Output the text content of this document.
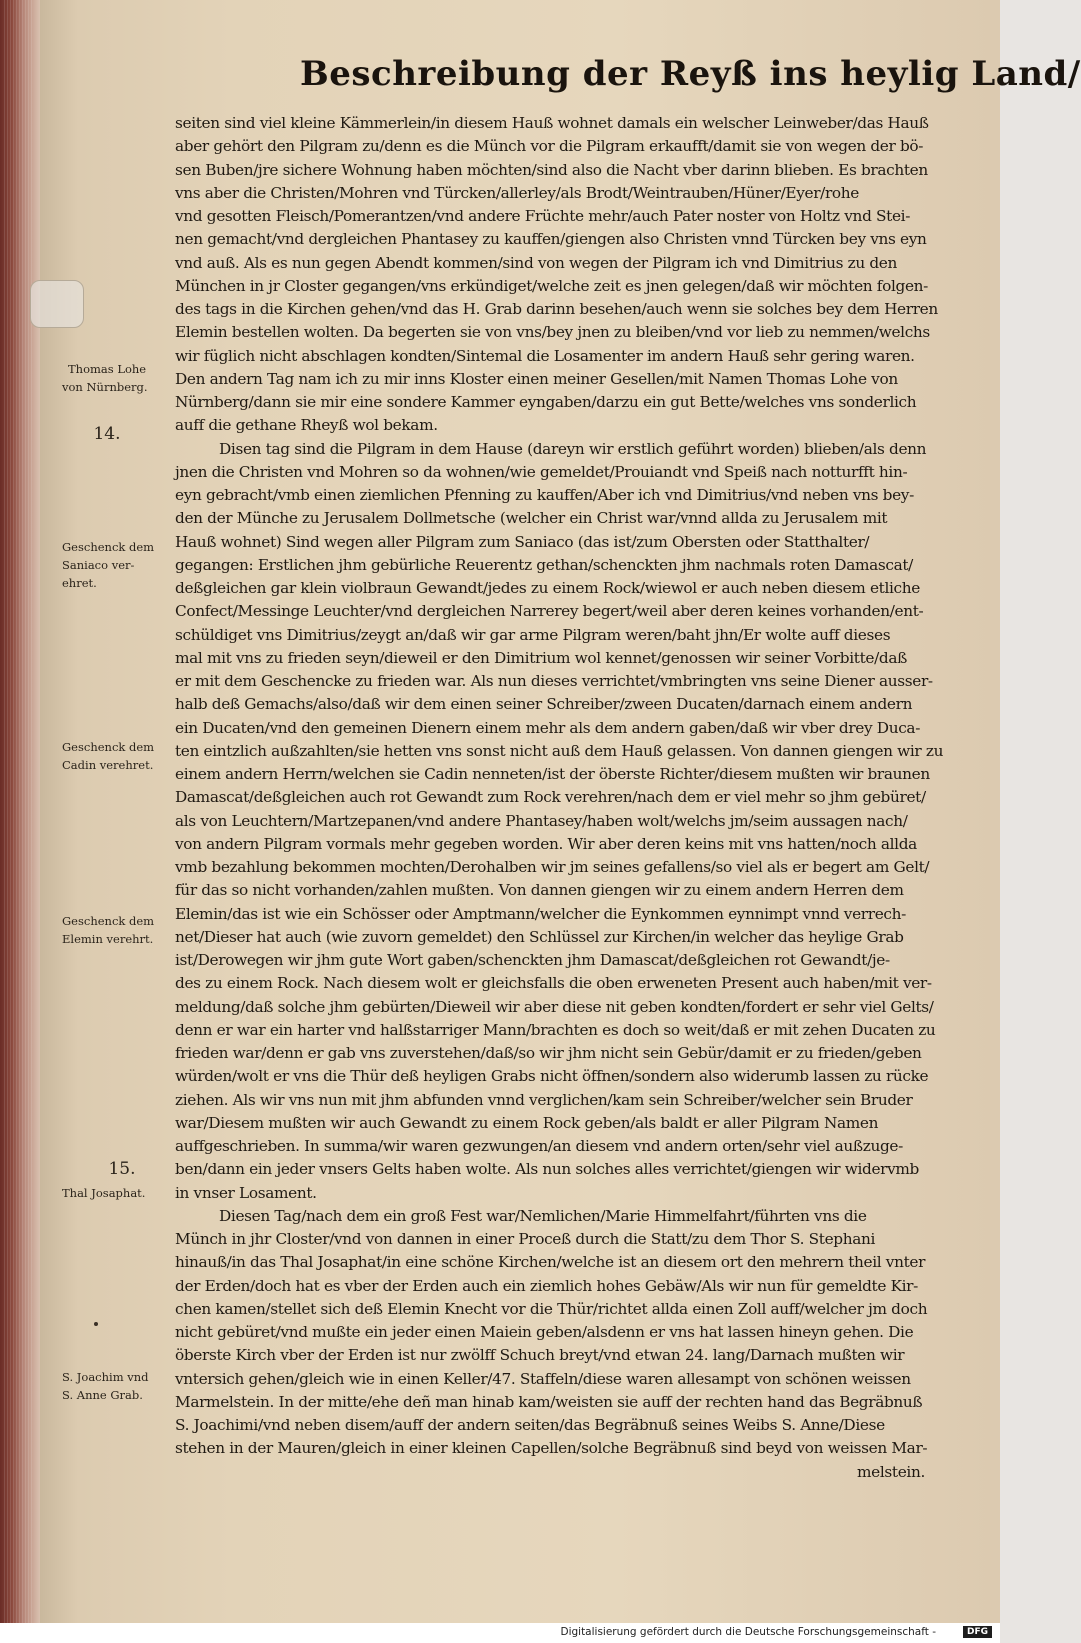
Beschreibung der Reyß ins heylig Land/
seiten sind viel kleine Kämmerlein/in diesem Hauß wohnet damals ein welscher Leinweber/das Hauß
aber gehört den Pilgram zu/denn es die Münch vor die Pilgram erkaufft/damit sie von wegen der bö-
sen Buben/jre sichere Wohnung haben möchten/sind also die Nacht vber darinn blieben. Es brachten
vns aber die Christen/Mohren vnd Türcken/allerley/als Brodt/Weintrauben/Hüner/Eyer/rohe
vnd gesotten Fleisch/Pomerantzen/vnd andere Früchte mehr/auch Pater noster von Holtz vnd Stei-
nen gemacht/vnd dergleichen Phantasey zu kauffen/giengen also Christen vnnd Türcken bey vns eyn
vnd auß. Als es nun gegen Abendt kommen/sind von wegen der Pilgram ich vnd Dimitrius zu den
München in jr Closter gegangen/vns erkündiget/welche zeit es jnen gelegen/daß wir möchten folgen-
des tags in die Kirchen gehen/vnd das H. Grab darinn besehen/auch wenn sie solches bey dem Herren
Elemin bestellen wolten. Da begerten sie von vns/bey jnen zu bleiben/vnd vor lieb zu nemmen/welchs
wir füglich nicht abschlagen kondten/Sintemal die Losamenter im andern Hauß sehr gering waren.
Den andern Tag nam ich zu mir inns Kloster einen meiner Gesellen/mit Namen Thomas Lohe von
Nürnberg/dann sie mir eine sondere Kammer eyngaben/darzu ein gut Bette/welches vns sonderlich
auff die gethane Rheyß wol bekam.
Disen tag sind die Pilgram in dem Hause (dareyn wir erstlich geführt worden) blieben/als denn
jnen die Christen vnd Mohren so da wohnen/wie gemeldet/Prouiandt vnd Speiß nach notturfft hin-
eyn gebracht/vmb einen ziemlichen Pfenning zu kauffen/Aber ich vnd Dimitrius/vnd neben vns bey-
den der Münche zu Jerusalem Dollmetsche (welcher ein Christ war/vnnd allda zu Jerusalem mit
Hauß wohnet) Sind wegen aller Pilgram zum Saniaco (das ist/zum Obersten oder Statthalter/
gegangen: Erstlichen jhm gebürliche Reuerentz gethan/schenckten jhm nachmals roten Damascat/
deßgleichen gar klein violbraun Gewandt/jedes zu einem Rock/wiewol er auch neben diesem etliche
Confect/Messinge Leuchter/vnd dergleichen Narrerey begert/weil aber deren keines vorhanden/ent-
schüldiget vns Dimitrius/zeygt an/daß wir gar arme Pilgram weren/baht jhn/Er wolte auff dieses
mal mit vns zu frieden seyn/dieweil er den Dimitrium wol kennet/genossen wir seiner Vorbitte/daß
er mit dem Geschencke zu frieden war. Als nun dieses verrichtet/vmbringten vns seine Diener ausser-
halb deß Gemachs/also/daß wir dem einen seiner Schreiber/zween Ducaten/darnach einem andern
ein Ducaten/vnd den gemeinen Dienern einem mehr als dem andern gaben/daß wir vber drey Duca-
ten eintzlich außzahlten/sie hetten vns sonst nicht auß dem Hauß gelassen. Von dannen giengen wir zu
einem andern Herrn/welchen sie Cadin nenneten/ist der öberste Richter/diesem mußten wir braunen
Damascat/deßgleichen auch rot Gewandt zum Rock verehren/nach dem er viel mehr so jhm gebüret/
als von Leuchtern/Martzepanen/vnd andere Phantasey/haben wolt/welchs jm/seim aussagen nach/
von andern Pilgram vormals mehr gegeben worden. Wir aber deren keins mit vns hatten/noch allda
vmb bezahlung bekommen mochten/Derohalben wir jm seines gefallens/so viel als er begert am Gelt/
für das so nicht vorhanden/zahlen mußten. Von dannen giengen wir zu einem andern Herren dem
Elemin/das ist wie ein Schösser oder Amptmann/welcher die Eynkommen eynnimpt vnnd verrech-
net/Dieser hat auch (wie zuvorn gemeldet) den Schlüssel zur Kirchen/in welcher das heylige Grab
ist/Derowegen wir jhm gute Wort gaben/schenckten jhm Damascat/deßgleichen rot Gewandt/je-
des zu einem Rock. Nach diesem wolt er gleichsfalls die oben erweneten Present auch haben/mit ver-
meldung/daß solche jhm gebürten/Dieweil wir aber diese nit geben kondten/fordert er sehr viel Gelts/
denn er war ein harter vnd halßstarriger Mann/brachten es doch so weit/daß er mit zehen Ducaten zu
frieden war/denn er gab vns zuverstehen/daß/so wir jhm nicht sein Gebür/damit er zu frieden/geben
würden/wolt er vns die Thür deß heyligen Grabs nicht öffnen/sondern also widerumb lassen zu rücke
ziehen. Als wir vns nun mit jhm abfunden vnnd verglichen/kam sein Schreiber/welcher sein Bruder
war/Diesem mußten wir auch Gewandt zu einem Rock geben/als baldt er aller Pilgram Namen
auffgeschrieben. In summa/wir waren gezwungen/an diesem vnd andern orten/sehr viel außzuge-
ben/dann ein jeder vnsers Gelts haben wolte. Als nun solches alles verrichtet/giengen wir widervmb
in vnser Losament.
Diesen Tag/nach dem ein groß Fest war/Nemlichen/Marie Himmelfahrt/führten vns die
Münch in jhr Closter/vnd von dannen in einer Proceß durch die Statt/zu dem Thor S. Stephani
hinauß/in das Thal Josaphat/in eine schöne Kirchen/welche ist an diesem ort den mehrern theil vnter
der Erden/doch hat es vber der Erden auch ein ziemlich hohes Gebäw/Als wir nun für gemeldte Kir-
chen kamen/stellet sich deß Elemin Knecht vor die Thür/richtet allda einen Zoll auff/welcher jm doch
nicht gebüret/vnd mußte ein jeder einen Maiein geben/alsdenn er vns hat lassen hineyn gehen. Die
öberste Kirch vber der Erden ist nur zwölff Schuch breyt/vnd etwan 24. lang/Darnach mußten wir
vntersich gehen/gleich wie in einen Keller/47. Staffeln/diese waren allesampt von schönen weissen
Marmelstein. In der mitte/ehe deñ man hinab kam/weisten sie auff der rechten hand das Begräbnuß
S. Joachimi/vnd neben disem/auff der andern seiten/das Begräbnuß seines Weibs S. Anne/Diese
stehen in der Mauren/gleich in einer kleinen Capellen/solche Begräbnuß sind beyd von weissen Mar-
melstein.
Thomas Lohe
von Nürnberg.
14.
Geschenck dem
Saniaco ver-
ehret.
Geschenck dem
Cadin verehret.
Geschenck dem
Elemin verehrt.
15.
Thal Josaphat.
S. Joachim vnd
S. Anne Grab.
Digitalisierung gefördert durch die Deutsche Forschungsgemeinschaft -	DFG
